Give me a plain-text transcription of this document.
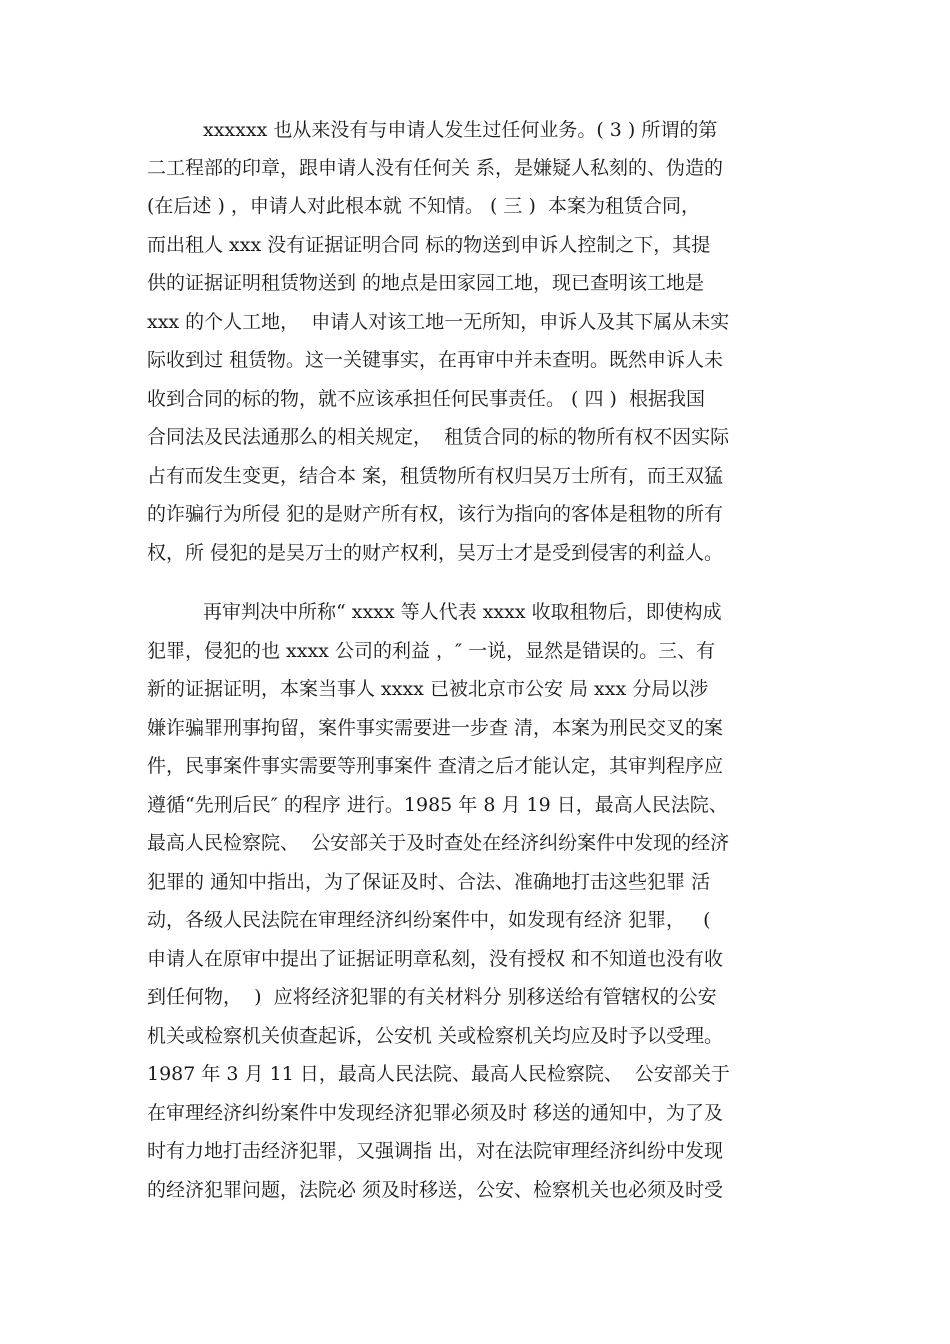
xxxxxx 也从来没有与申请人发生过任何业务。( 3 ) 所谓的第

二工程部的印章，跟申请人没有任何关 系，是嫌疑人私刻的、伪造的

(在后述 ) ，申请人对此根本就 不知情。 ( 三 )  本案为租赁合同，

而出租人 xxx 没有证据证明合同 标的物送到申诉人控制之下，其提

供的证据证明租赁物送到 的地点是田家园工地，现已查明该工地是

xxx 的个人工地，  申请人对该工地一无所知，申诉人及其下属从未实

际收到过 租赁物。这一关键事实，在再审中并未查明。既然申诉人未

收到合同的标的物，就不应该承担任何民事责任。 ( 四 )  根据我国

合同法及民法通那么的相关规定，  租赁合同的标的物所有权不因实际

占有而发生变更，结合本 案，租赁物所有权归吴万士所有，而王双猛

的诈骗行为所侵 犯的是财产所有权，该行为指向的客体是租物的所有

权，所 侵犯的是吴万士的财产权利，吴万士才是受到侵害的利益人。

再审判决中所称“ xxxx 等人代表 xxxx 收取租物后，即使构成

犯罪，侵犯的也 xxxx 公司的利益 ，″ 一说，显然是错误的。三、有

新的证据证明，本案当事人 xxxx 已被北京市公安 局 xxx 分局以涉

嫌诈骗罪刑事拘留，案件事实需要进一步查 清，本案为刑民交叉的案

件，民事案件事实需要等刑事案件 查清之后才能认定，其审判程序应

遵循“先刑后民″ 的程序 进行。1985 年 8 月 19 日，最高人民法院、

最高人民检察院、  公安部关于及时查处在经济纠纷案件中发现的经济

犯罪的 通知中指出，为了保证及时、合法、准确地打击这些犯罪 活

动，各级人民法院在审理经济纠纷案件中，如发现有经济 犯罪，   (

申请人在原审中提出了证据证明章私刻，没有授权 和不知道也没有收

到任何物，  )  应将经济犯罪的有关材料分 别移送给有管辖权的公安

机关或检察机关侦查起诉，公安机 关或检察机关均应及时予以受理。

1987 年 3 月 11 日，最高人民法院、最高人民检察院、  公安部关于

在审理经济纠纷案件中发现经济犯罪必须及时 移送的通知中，为了及

时有力地打击经济犯罪，又强调指 出，对在法院审理经济纠纷中发现

的经济犯罪问题，法院必 须及时移送，公安、检察机关也必须及时受
